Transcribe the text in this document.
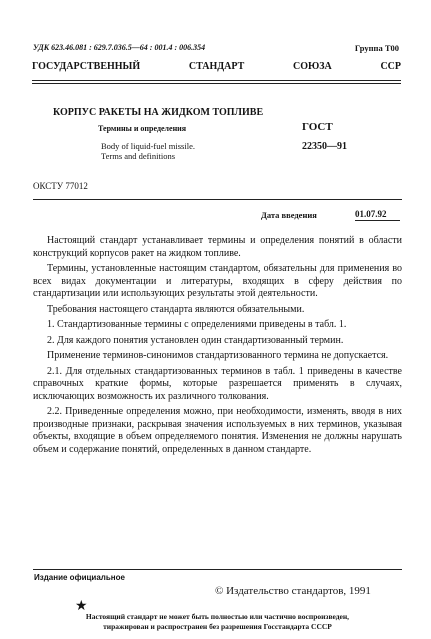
УДК 623.46.081 : 629.7.036.5—64 : 001.4 : 006.354	Группа Т00
ГОСУДАРСТВЕННЫЙ СТАНДАРТ СОЮЗА ССР
КОРПУС РАКЕТЫ НА ЖИДКОМ ТОПЛИВЕ
Термины и определения
Body of liquid-fuel missile.
Terms and definitions
ГОСТ
22350—91
ОКСТУ 77012
Дата введения	01.07.92

Настоящий стандарт устанавливает термины и определения понятий в области конструкций корпусов ракет на жидком топливе.

Термины, установленные настоящим стандартом, обязательны для применения во всех видах документации и литературы, входящих в сферу действия по стандартизации или использующих результаты этой деятельности.

Требования настоящего стандарта являются обязательными.

1. Стандартизованные термины с определениями приведены в табл. 1.

2. Для каждого понятия установлен один стандартизованный термин.

Применение терминов-синонимов стандартизованного термина не допускается.

2.1. Для отдельных стандартизованных терминов в табл. 1 приведены в качестве справочных краткие формы, которые разрешается применять в случаях, исключающих возможность их различного толкования.

2.2. Приведенные определения можно, при необходимости, изменять, вводя в них производные признаки, раскрывая значения используемых в них терминов, указывая объекты, входящие в объем определяемого понятия. Изменения не должны нарушать объем и содержание понятий, определенных в данном стандарте.

Издание официальное
© Издательство стандартов, 1991
★
Настоящий стандарт не может быть полностью или частично воспроизведен,
тиражирован и распространен без разрешения Госстандарта СССР
